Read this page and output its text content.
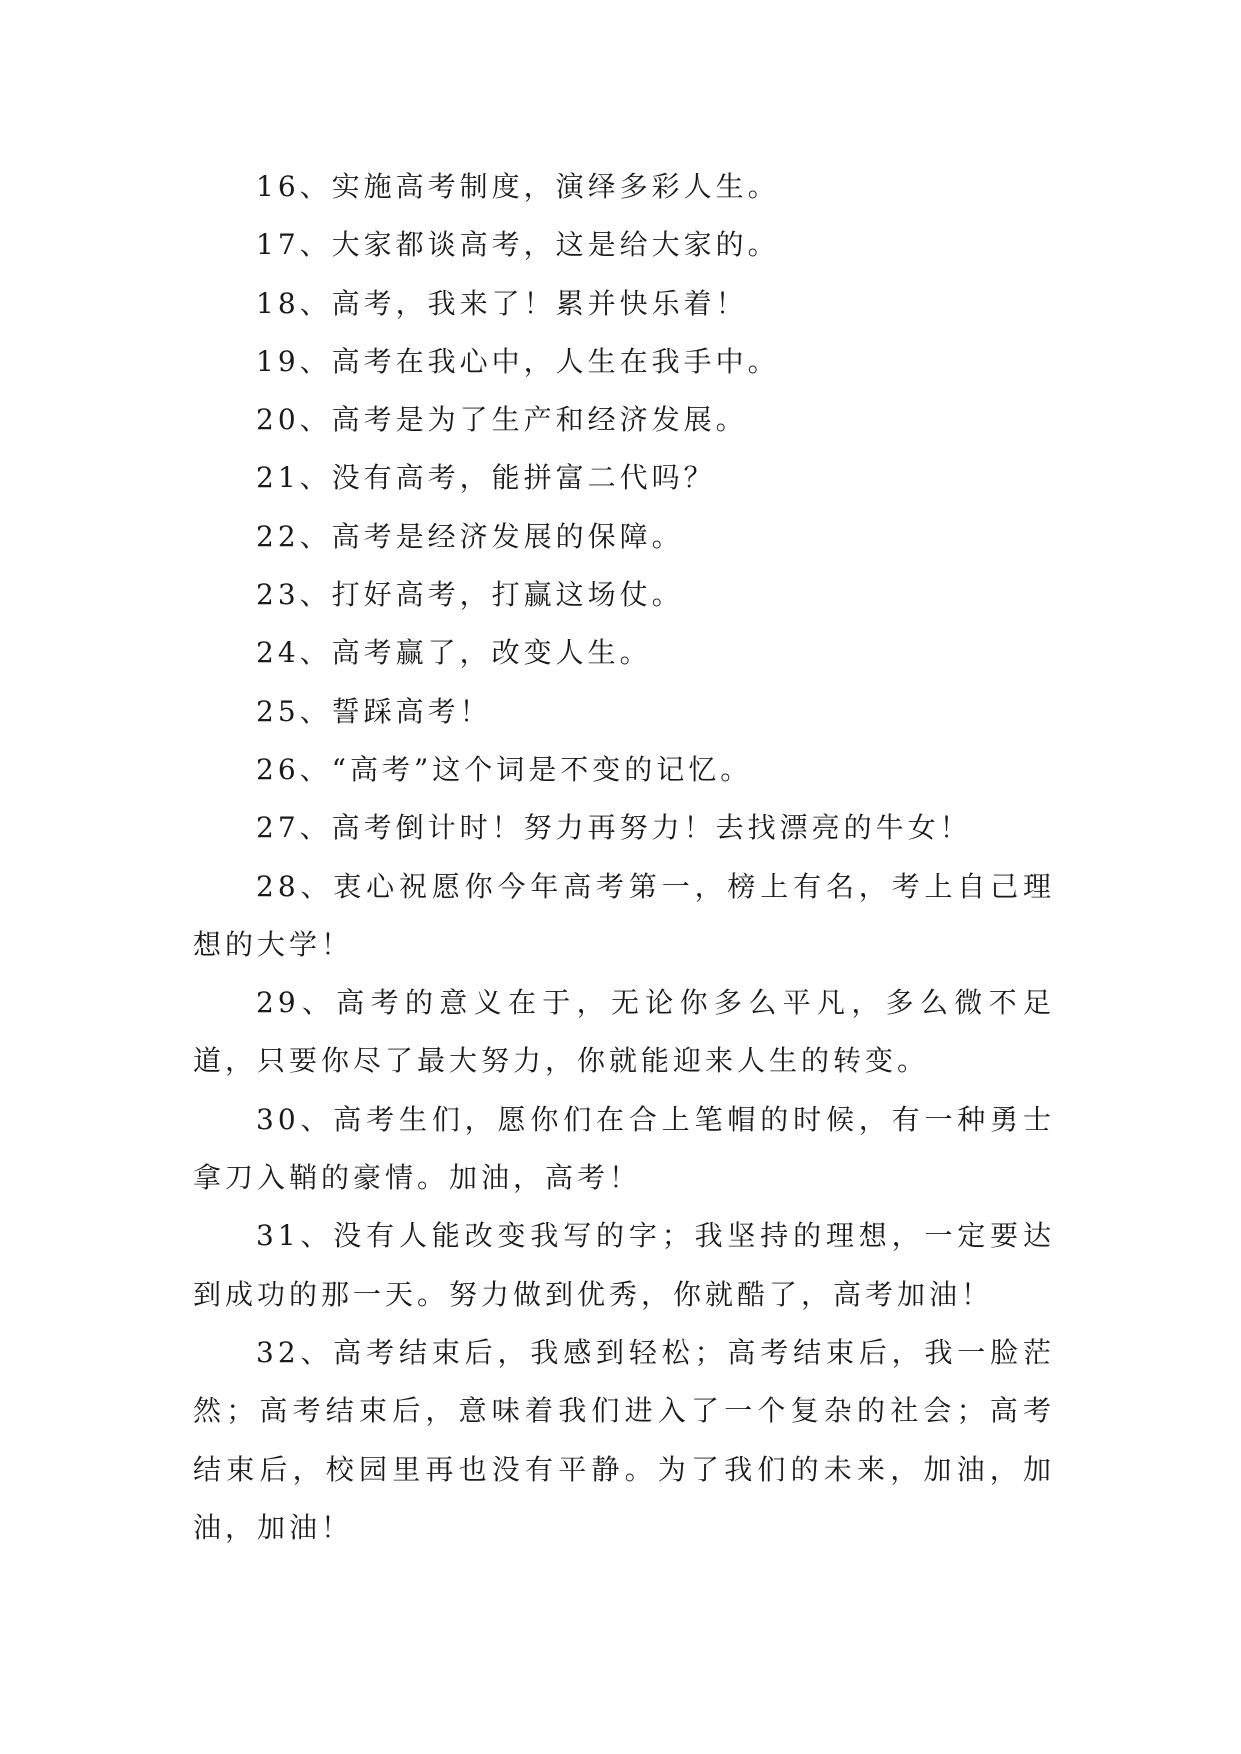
16、实施高考制度，演绎多彩人生。

17、大家都谈高考，这是给大家的。

18、高考，我来了！累并快乐着！

19、高考在我心中，人生在我手中。

20、高考是为了生产和经济发展。

21、没有高考，能拼富二代吗？

22、高考是经济发展的保障。

23、打好高考，打赢这场仗。

24、高考赢了，改变人生。

25、誓踩高考！

26、“高考”这个词是不变的记忆。

27、高考倒计时！努力再努力！去找漂亮的牛女！

28、衷心祝愿你今年高考第一，榜上有名，考上自己理想的大学！

29、高考的意义在于，无论你多么平凡，多么微不足道，只要你尽了最大努力，你就能迎来人生的转变。

30、高考生们，愿你们在合上笔帽的时候，有一种勇士拿刀入鞘的豪情。加油，高考！

31、没有人能改变我写的字；我坚持的理想，一定要达到成功的那一天。努力做到优秀，你就酷了，高考加油！

32、高考结束后，我感到轻松；高考结束后，我一脸茫然；高考结束后，意味着我们进入了一个复杂的社会；高考结束后，校园里再也没有平静。为了我们的未来，加油，加油，加油！
